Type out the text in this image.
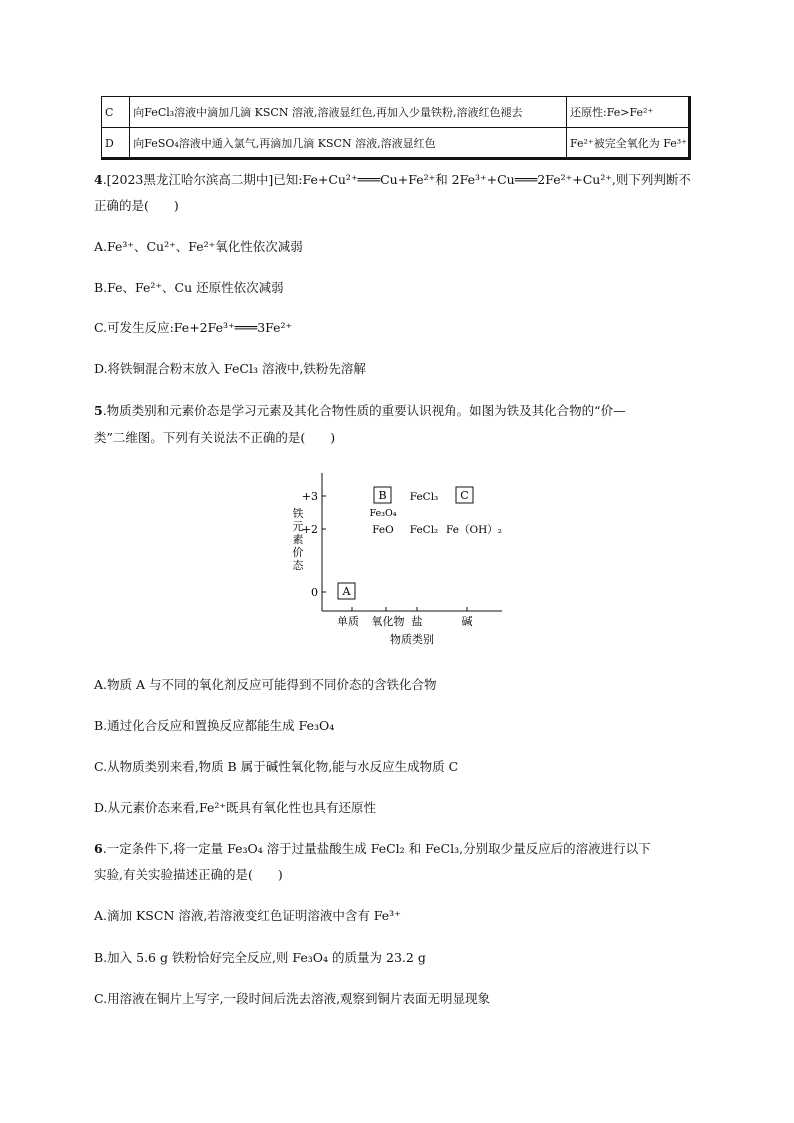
C	向FeCl₃溶液中滴加几滴 KSCN 溶液,溶液显红色,再加入少量铁粉,溶液红色褪去	还原性:Fe>Fe²⁺
D	向FeSO₄溶液中通入氯气,再滴加几滴 KSCN 溶液,溶液显红色	Fe²⁺被完全氧化为 Fe³⁺
4.[2023黑龙江哈尔滨高二期中]已知:Fe+Cu²⁺═══Cu+Fe²⁺和 2Fe³⁺+Cu═══2Fe²⁺+Cu²⁺,则下列判断不
正确的是(　　)
A.Fe³⁺、Cu²⁺、Fe²⁺氧化性依次减弱
B.Fe、Fe²⁺、Cu 还原性依次减弱
C.可发生反应:Fe+2Fe³⁺═══3Fe²⁺
D.将铁铜混合粉末放入 FeCl₃ 溶液中,铁粉先溶解
5.物质类别和元素价态是学习元素及其化合物性质的重要认识视角。如图为铁及其化合物的“价—
类”二维图。下列有关说法不正确的是(　　)
+3
+2
0
铁元素价态
单质 氧化物 盐	碱
物质类别
B	C
A
Fe₃O₄
FeO
FeCl₃
FeCl₂ Fe（OH）₂
A.物质 A 与不同的氧化剂反应可能得到不同价态的含铁化合物
B.通过化合反应和置换反应都能生成 Fe₃O₄
C.从物质类别来看,物质 B 属于碱性氧化物,能与水反应生成物质 C
D.从元素价态来看,Fe²⁺既具有氧化性也具有还原性
6.一定条件下,将一定量 Fe₃O₄ 溶于过量盐酸生成 FeCl₂ 和 FeCl₃,分别取少量反应后的溶液进行以下
实验,有关实验描述正确的是(　　)
A.滴加 KSCN 溶液,若溶液变红色证明溶液中含有 Fe³⁺
B.加入 5.6 g 铁粉恰好完全反应,则 Fe₃O₄ 的质量为 23.2 g
C.用溶液在铜片上写字,一段时间后洗去溶液,观察到铜片表面无明显现象
